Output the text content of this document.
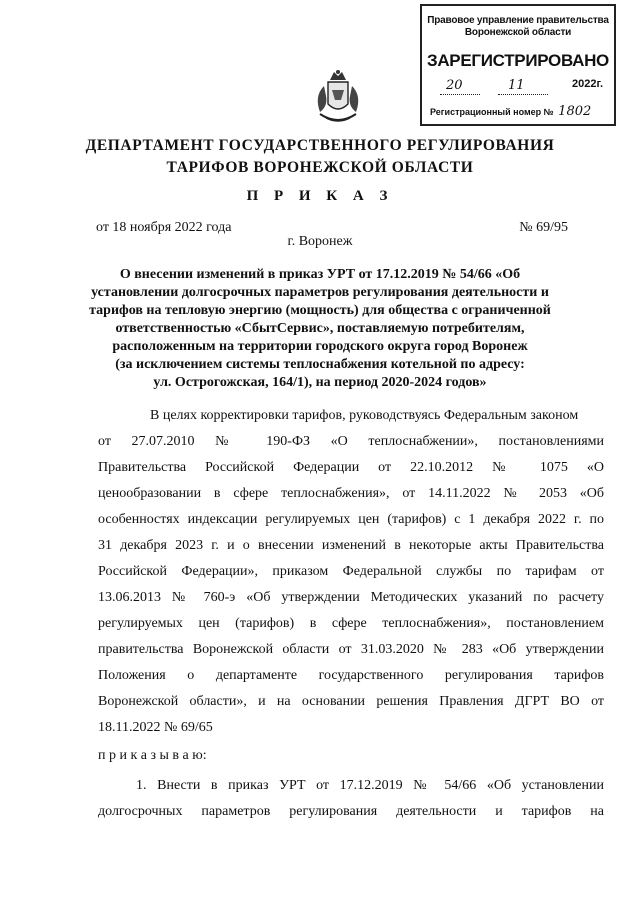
Правовое управление правительства
Воронежской области
ЗАРЕГИСТРИРОВАНО
20	11	2022г.
Регистрационный номер № 1802
ДЕПАРТАМЕНТ ГОСУДАРСТВЕННОГО РЕГУЛИРОВАНИЯ
ТАРИФОВ ВОРОНЕЖСКОЙ ОБЛАСТИ
П Р И К А З
от 18 ноября 2022 года	№ 69/95
г. Воронеж
О внесении изменений в приказ УРТ от 17.12.2019 № 54/66 «Об
установлении долгосрочных параметров регулирования деятельности и
тарифов на тепловую энергию (мощность) для общества с ограниченной
ответственностью «СбытСервис», поставляемую потребителям,
расположенным на территории городского округа город Воронеж
(за исключением системы теплоснабжения котельной по адресу:
ул. Острогожская, 164/1), на период 2020-2024 годов»
В целях корректировки тарифов, руководствуясь Федеральным законом
от 27.07.2010 № 190-ФЗ «О теплоснабжении», постановлениями
Правительства Российской Федерации от 22.10.2012 № 1075 «О
ценообразовании в сфере теплоснабжения», от 14.11.2022 № 2053 «Об
особенностях индексации регулируемых цен (тарифов) с 1 декабря 2022 г. по
31 декабря 2023 г. и о внесении изменений в некоторые акты Правительства
Российской Федерации», приказом Федеральной службы по тарифам от
13.06.2013 № 760-э «Об утверждении Методических указаний по расчету
регулируемых цен (тарифов) в сфере теплоснабжения», постановлением
правительства Воронежской области от 31.03.2020 № 283 «Об утверждении
Положения о департаменте государственного регулирования тарифов
Воронежской области», и на основании решения Правления ДГРТ ВО от
18.11.2022 № 69/65
п р и к а з ы в а ю:
1. Внести в приказ УРТ от 17.12.2019 № 54/66 «Об установлении
долгосрочных параметров регулирования деятельности и тарифов на
